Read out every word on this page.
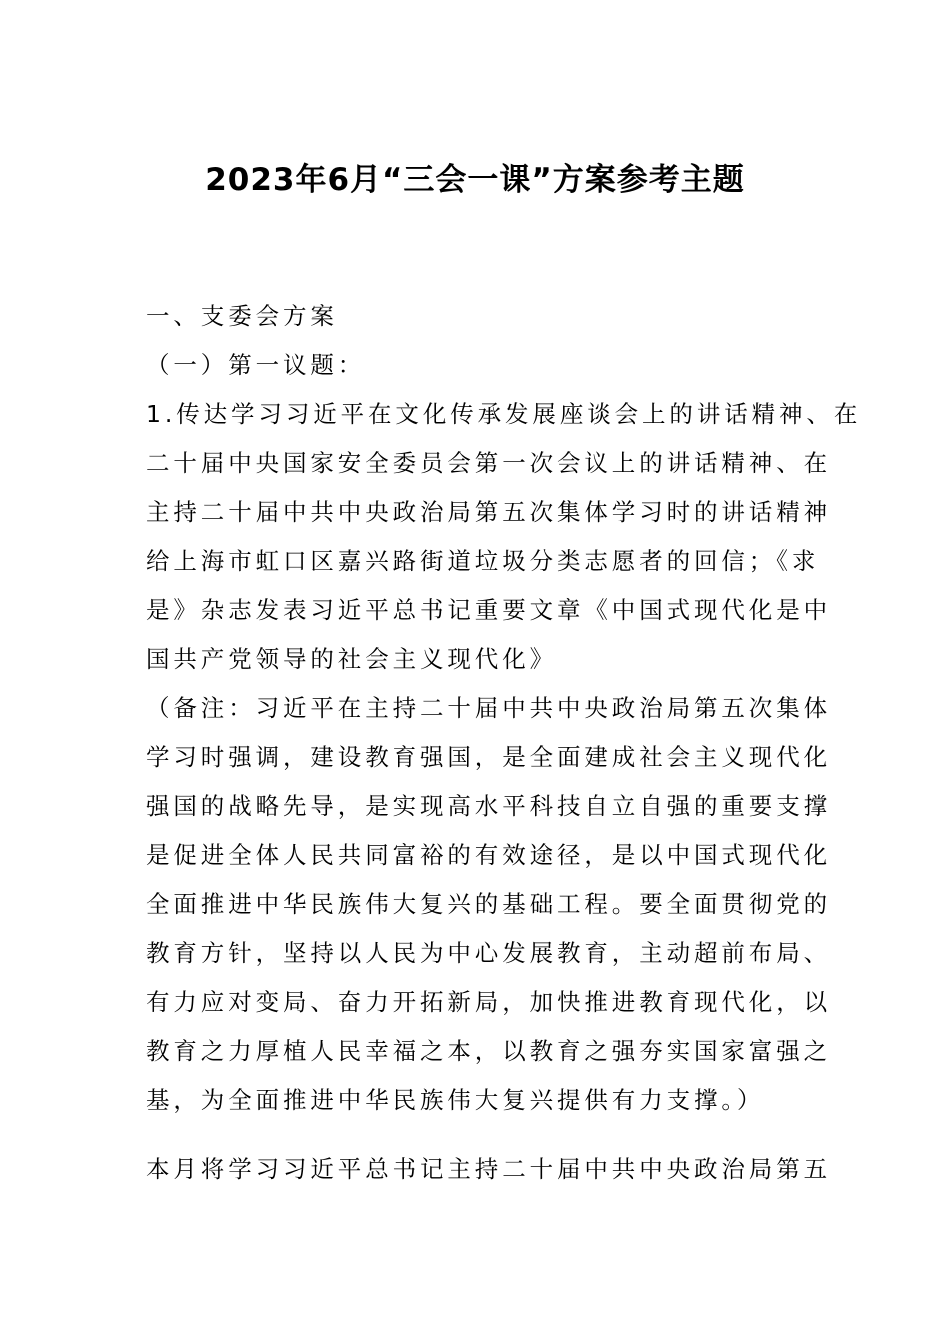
2023年6月“三会一课”方案参考主题

一、支委会方案

（一）第一议题：

1.传达学习习近平在文化传承发展座谈会上的讲话精神、在
二十届中央国家安全委员会第一次会议上的讲话精神、在
主持二十届中共中央政治局第五次集体学习时的讲话精神
给上海市虹口区嘉兴路街道垃圾分类志愿者的回信；《求
是》杂志发表习近平总书记重要文章《中国式现代化是中
国共产党领导的社会主义现代化》
（备注：习近平在主持二十届中共中央政治局第五次集体
学习时强调，建设教育强国，是全面建成社会主义现代化
强国的战略先导，是实现高水平科技自立自强的重要支撑
是促进全体人民共同富裕的有效途径，是以中国式现代化
全面推进中华民族伟大复兴的基础工程。要全面贯彻党的
教育方针，坚持以人民为中心发展教育，主动超前布局、
有力应对变局、奋力开拓新局，加快推进教育现代化，以
教育之力厚植人民幸福之本，以教育之强夯实国家富强之
基，为全面推进中华民族伟大复兴提供有力支撑。）

本月将学习习近平总书记主持二十届中共中央政治局第五
